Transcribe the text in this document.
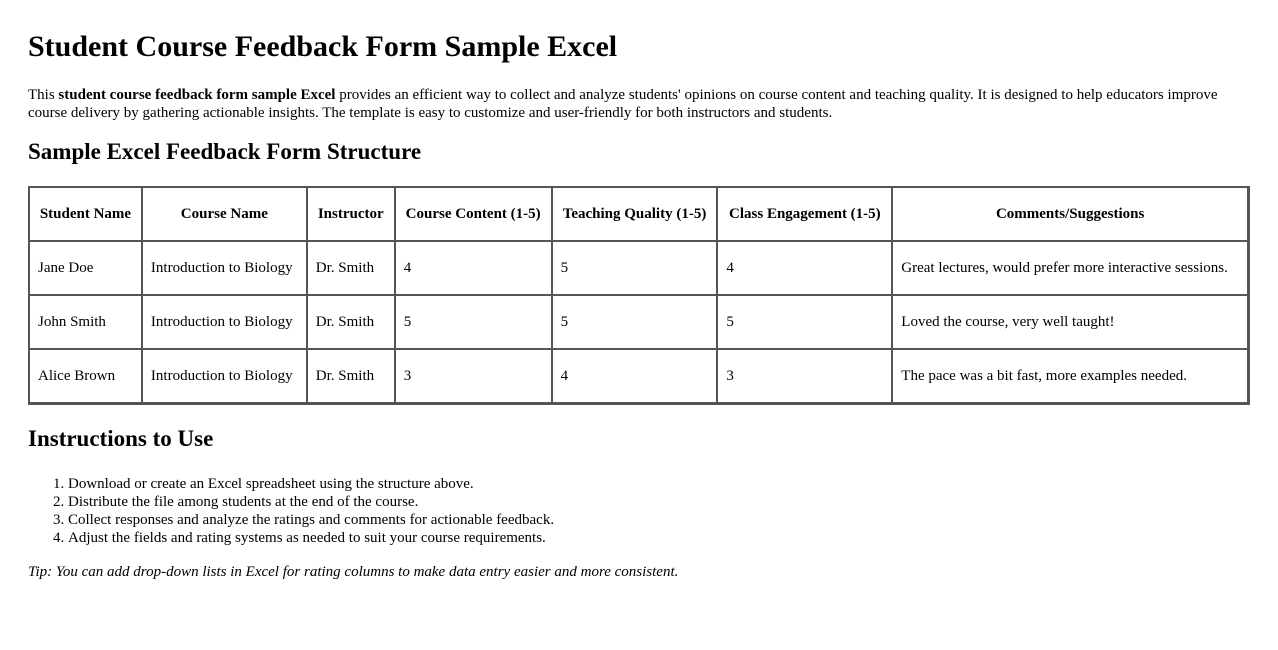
Student Course Feedback Form Sample Excel

This student course feedback form sample Excel provides an efficient way to collect and analyze students' opinions on course content and teaching quality. It is designed to help educators improve course delivery by gathering actionable insights. The template is easy to customize and user-friendly for both instructors and students.

Sample Excel Feedback Form Structure
Student Name	Course Name	Instructor	Course Content (1-5)	Teaching Quality (1-5)	Class Engagement (1-5)	Comments/Suggestions
Jane Doe	Introduction to Biology	Dr. Smith	4	5	4	Great lectures, would prefer more interactive sessions.
John Smith	Introduction to Biology	Dr. Smith	5	5	5	Loved the course, very well taught!
Alice Brown	Introduction to Biology	Dr. Smith	3	4	3	The pace was a bit fast, more examples needed.
Instructions to Use
1. Download or create an Excel spreadsheet using the structure above.
2. Distribute the file among students at the end of the course.
3. Collect responses and analyze the ratings and comments for actionable feedback.
4. Adjust the fields and rating systems as needed to suit your course requirements.

Tip: You can add drop-down lists in Excel for rating columns to make data entry easier and more consistent.
